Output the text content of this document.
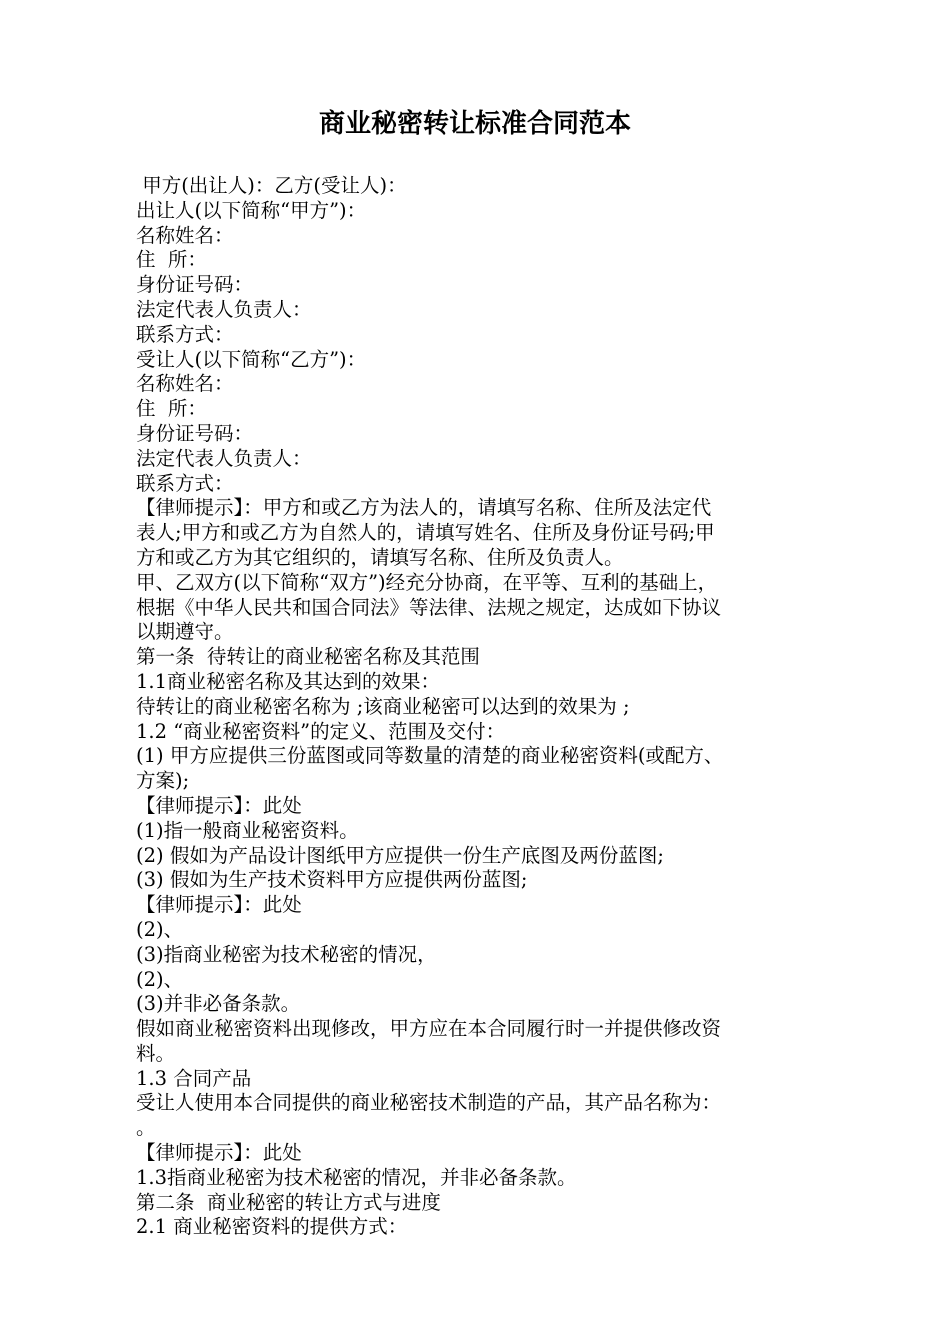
商业秘密转让标准合同范本
甲方(出让人)：乙方(受让人)：
出让人(以下简称“甲方”)：
名称姓名：
住  所：
身份证号码：
法定代表人负责人：
联系方式：
受让人(以下简称“乙方”)：
名称姓名：
住  所：
身份证号码：
法定代表人负责人：
联系方式：
【律师提示】：甲方和或乙方为法人的，请填写名称、住所及法定代
表人;甲方和或乙方为自然人的，请填写姓名、住所及身份证号码;甲
方和或乙方为其它组织的，请填写名称、住所及负责人。
甲、乙双方(以下简称“双方”)经充分协商，在平等、互利的基础上，
根据《中华人民共和国合同法》等法律、法规之规定，达成如下协议
以期遵守。
第一条  待转让的商业秘密名称及其范围
1.1商业秘密名称及其达到的效果：
待转让的商业秘密名称为 ;该商业秘密可以达到的效果为 ;
1.2 “商业秘密资料”的定义、范围及交付：
(1) 甲方应提供三份蓝图或同等数量的清楚的商业秘密资料(或配方、
方案);
【律师提示】：此处
(1)指一般商业秘密资料。
(2) 假如为产品设计图纸甲方应提供一份生产底图及两份蓝图;
(3) 假如为生产技术资料甲方应提供两份蓝图;
【律师提示】：此处
(2)、
(3)指商业秘密为技术秘密的情况，
(2)、
(3)并非必备条款。
假如商业秘密资料出现修改，甲方应在本合同履行时一并提供修改资
料。
1.3 合同产品
受让人使用本合同提供的商业秘密技术制造的产品，其产品名称为：
。
【律师提示】：此处
1.3指商业秘密为技术秘密的情况，并非必备条款。
第二条  商业秘密的转让方式与进度
2.1 商业秘密资料的提供方式：
